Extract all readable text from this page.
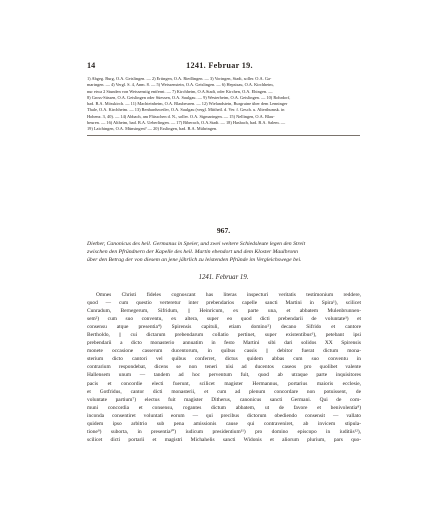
14	1241. Februar 19.
1) Abgeg. Burg, O.A. Geislingen. — 2) Ertingen, O.A. Riedlingen. — 3) Voringen, Stadt, soller. O.A. Ga-
maringen. — 4) Vergl. S. 4, Anm. 8. — 5) Weissenstein, O.A. Geislingen. — 6) Hepsisau, O.A. Kirchheim,
nur etwa 2 Stunden von Weissenstig entfernt. — 7) Kirchheim, O.A.Stadt, oder Kirchen, O.A. Ehingen. —
8) Gross-Süssen, O.A. Geislingen oder Süessen, O.A. Saulgau. — 9) Westerheim, O.A. Geislingen. — 10) Rohrdorf,
bad. B.A. Mösskirch. — 11) Machteinheim, O.A. Blaubeuren. — 12) Wielandstein, Burgruine über dem Lenninger
Thale, O.A. Kirchheim. — 13) Renhardsweiler, O.A. Saulgau (vergl. Mittheil. d. Ver. f. Gesch. u. Alterthumsk. in
Hohenz. 3, 40). — 14) Abbach, am Flüsschen d. N., soller. O.A. Sigmaringen. — 15) Nellingen, O.A. Blau-
beuren. — 16) Altheim, bad. B.A. Ueberlingen. — 17) Biberach, O.A.Stadt. — 18) Hasbach, bad. B.A. Salem. —
19) Laichingen, O.A. Münsingen? — 20) Esslingen, bad. B.A. Mühringen.
967.
Diether, Canonicus des heil. Germanus in Speier, und zwei weitere Schiedsleute legen den Streit
zwischen den Pfründnern der Kapelle des heil. Martin ebendort und dem Kloster Maulbronn
über den Betrag der von diesem an jene jährlich zu leistenden Pfründe im Vergleichswege bei.
1241. Februar 19.
Omnes Christi fideles cognoscant has literas inspecturi veritatis testimonium reddere,
quod — cum questio verteretur inter prebendarios capelle sancti Martini in Spira¹), scilicet
Cunradum, Bernegerum, Sifridum, || Heinricum, ex parte una, et abbatem Mulenbrunnen-
sem²) cum suo conventu, ex altera, super eo quod dicti prebendarii de voluntate³) et
consensu atque presentia⁴) Spirensis capituli, etiam domino⁵) decano Sifrido et cantore
Bertholdo, || cui dictarum prebendarum collatio pertinet, super existentibus⁶), petebant ipsi
prebendarii a dicto monasterio annuatim in festo Martini sibi dari solidos XX Spirensis
monete occasione casserum ducentorum, in quibus cassis || debitor fuerat dictum mona-
sterium dicto cantori vel quibus conferret, dictus quidem abbas cum suo conventu in
contrarium respondebat, dicens se non teneri nisi ad ducentos caseos pro quolibet valente
Hallensem unum — tandem ad hoc perventum fuit, quod ab utraque parte inquisitores
pacis et concordie electi fuerunt, scilicet magister Hermannus, portarius maioris ecclesie,
et Gotfridus, cantor dicti monasterii, et cum ad plenum concordare non potuissent, de
voluntate partium⁷) electus fuit magister Ditherus, canonicus sancti Germani. Qui de com-
muni concordia et consensu, rogantes dictum abbatem, ut de favore et benivolentia⁸)
inconda consentiret voluntati eorum — qui precibus dictorum obediendo consensit — vallato
quidem ipso arbitrio sub pena amissionis cause qui contraveniret, ab invicem stipula-
tione⁹) suborta, in presentia¹⁰) iudicum presidentium¹¹) pro domino episcopo in iuditiis¹²),
scilicet dicti portarii et magistri Michahelis sancti Widonis et aliorum plurium, pars quo-
